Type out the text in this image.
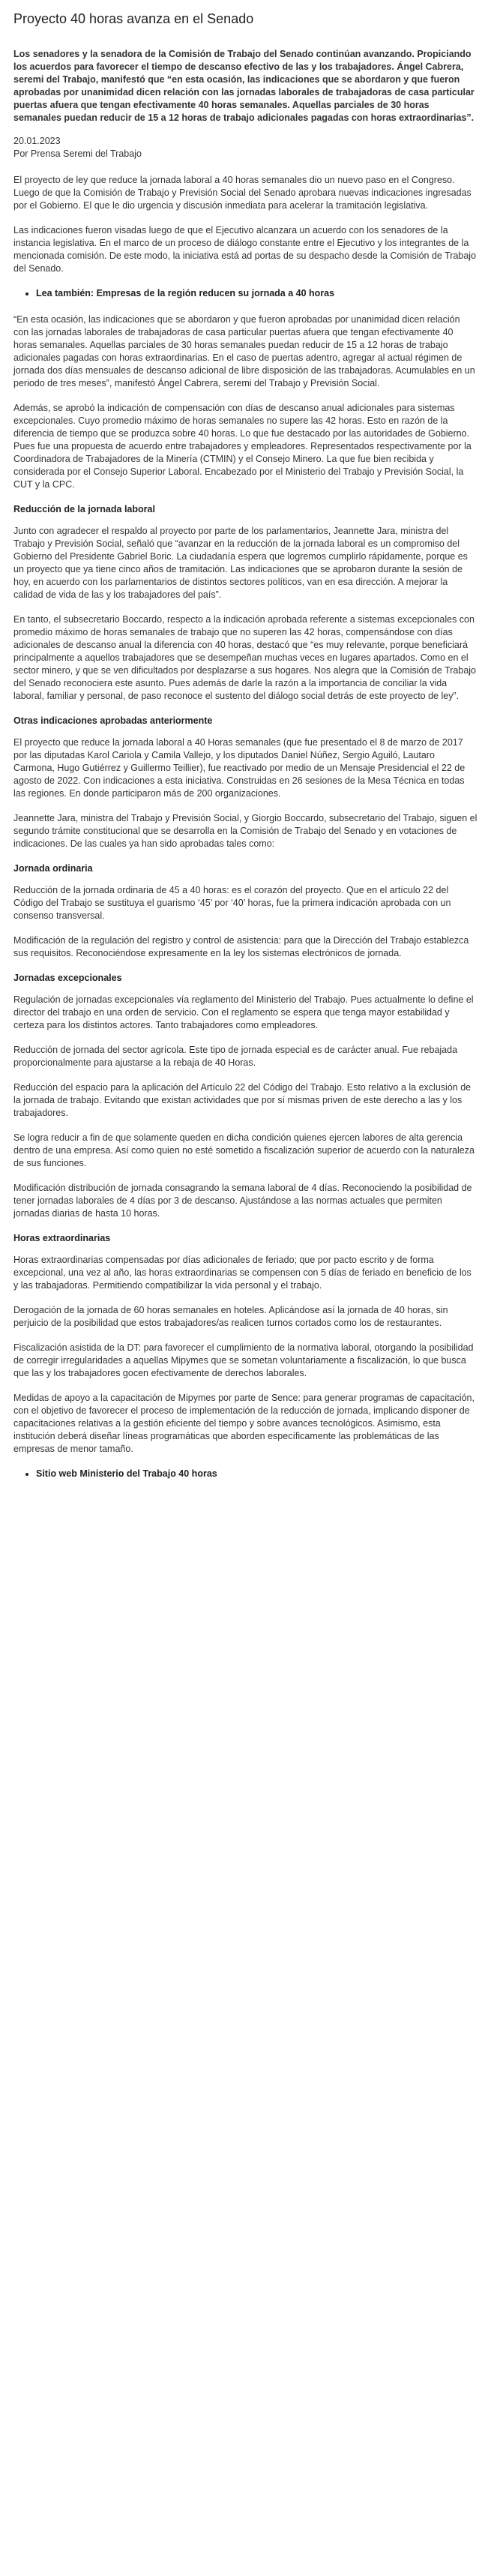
Proyecto 40 horas avanza en el Senado

Los senadores y la senadora de la Comisión de Trabajo del Senado continúan avanzando. Propiciando los acuerdos para favorecer el tiempo de descanso efectivo de las y los trabajadores. Ángel Cabrera, seremi del Trabajo, manifestó que “en esta ocasión, las indicaciones que se abordaron y que fueron aprobadas por unanimidad dicen relación con las jornadas laborales de trabajadoras de casa particular puertas afuera que tengan efectivamente 40 horas semanales. Aquellas parciales de 30 horas semanales puedan reducir de 15 a 12 horas de trabajo adicionales pagadas con horas extraordinarias”.

20.01.2023
Por Prensa Seremi del Trabajo

El proyecto de ley que reduce la jornada laboral a 40 horas semanales dio un nuevo paso en el Congreso. Luego de que la Comisión de Trabajo y Previsión Social del Senado aprobara nuevas indicaciones ingresadas por el Gobierno. El que le dio urgencia y discusión inmediata para acelerar la tramitación legislativa.

Las indicaciones fueron visadas luego de que el Ejecutivo alcanzara un acuerdo con los senadores de la instancia legislativa. En el marco de un proceso de diálogo constante entre el Ejecutivo y los integrantes de la mencionada comisión. De este modo, la iniciativa está ad portas de su despacho desde la Comisión de Trabajo del Senado.

• Lea también: Empresas de la región reducen su jornada a 40 horas

“En esta ocasión, las indicaciones que se abordaron y que fueron aprobadas por unanimidad dicen relación con las jornadas laborales de trabajadoras de casa particular puertas afuera que tengan efectivamente 40 horas semanales. Aquellas parciales de 30 horas semanales puedan reducir de 15 a 12 horas de trabajo adicionales pagadas con horas extraordinarias. En el caso de puertas adentro, agregar al actual régimen de jornada dos días mensuales de descanso adicional de libre disposición de las trabajadoras. Acumulables en un periodo de tres meses”, manifestó Ángel Cabrera, seremi del Trabajo y Previsión Social.

Además, se aprobó la indicación de compensación con días de descanso anual adicionales para sistemas excepcionales. Cuyo promedio máximo de horas semanales no supere las 42 horas. Esto en razón de la diferencia de tiempo que se produzca sobre 40 horas. Lo que fue destacado por las autoridades de Gobierno. Pues fue una propuesta de acuerdo entre trabajadores y empleadores. Representados respectivamente por la Coordinadora de Trabajadores de la Minería (CTMIN) y el Consejo Minero. La que fue bien recibida y considerada por el Consejo Superior Laboral. Encabezado por el Ministerio del Trabajo y Previsión Social, la CUT y la CPC.

Reducción de la jornada laboral

Junto con agradecer el respaldo al proyecto por parte de los parlamentarios, Jeannette Jara, ministra del Trabajo y Previsión Social, señaló que “avanzar en la reducción de la jornada laboral es un compromiso del Gobierno del Presidente Gabriel Boric. La ciudadanía espera que logremos cumplirlo rápidamente, porque es un proyecto que ya tiene cinco años de tramitación. Las indicaciones que se aprobaron durante la sesión de hoy, en acuerdo con los parlamentarios de distintos sectores políticos, van en esa dirección. A mejorar la calidad de vida de las y los trabajadores del país”.

En tanto, el subsecretario Boccardo, respecto a la indicación aprobada referente a sistemas excepcionales con promedio máximo de horas semanales de trabajo que no superen las 42 horas, compensándose con días adicionales de descanso anual la diferencia con 40 horas, destacó que “es muy relevante, porque beneficiará principalmente a aquellos trabajadores que se desempeñan muchas veces en lugares apartados. Como en el sector minero, y que se ven dificultados por desplazarse a sus hogares. Nos alegra que la Comisión de Trabajo del Senado reconociera este asunto. Pues además de darle la razón a la importancia de conciliar la vida laboral, familiar y personal, de paso reconoce el sustento del diálogo social detrás de este proyecto de ley”.

Otras indicaciones aprobadas anteriormente

El proyecto que reduce la jornada laboral a 40 Horas semanales (que fue presentado el 8 de marzo de 2017 por las diputadas Karol Cariola y Camila Vallejo, y los diputados Daniel Núñez, Sergio Aguiló, Lautaro Carmona, Hugo Gutiérrez y Guillermo Teillier), fue reactivado por medio de un Mensaje Presidencial el 22 de agosto de 2022. Con indicaciones a esta iniciativa. Construidas en 26 sesiones de la Mesa Técnica en todas las regiones. En donde participaron más de 200 organizaciones.

Jeannette Jara, ministra del Trabajo y Previsión Social, y Giorgio Boccardo, subsecretario del Trabajo, siguen el segundo trámite constitucional que se desarrolla en la Comisión de Trabajo del Senado y en votaciones de indicaciones. De las cuales ya han sido aprobadas tales como:

Jornada ordinaria

Reducción de la jornada ordinaria de 45 a 40 horas: es el corazón del proyecto. Que en el artículo 22 del Código del Trabajo se sustituya el guarismo ‘45’ por ‘40’ horas, fue la primera indicación aprobada con un consenso transversal.

Modificación de la regulación del registro y control de asistencia: para que la Dirección del Trabajo establezca sus requisitos. Reconociéndose expresamente en la ley los sistemas electrónicos de jornada.

Jornadas excepcionales

Regulación de jornadas excepcionales vía reglamento del Ministerio del Trabajo. Pues actualmente lo define el director del trabajo en una orden de servicio. Con el reglamento se espera que tenga mayor estabilidad y certeza para los distintos actores. Tanto trabajadores como empleadores.

Reducción de jornada del sector agrícola. Este tipo de jornada especial es de carácter anual. Fue rebajada proporcionalmente para ajustarse a la rebaja de 40 Horas.

Reducción del espacio para la aplicación del Artículo 22 del Código del Trabajo. Esto relativo a la exclusión de la jornada de trabajo. Evitando que existan actividades que por sí mismas priven de este derecho a las y los trabajadores.

Se logra reducir a fin de que solamente queden en dicha condición quienes ejercen labores de alta gerencia dentro de una empresa. Así como quien no esté sometido a fiscalización superior de acuerdo con la naturaleza de sus funciones.

Modificación distribución de jornada consagrando la semana laboral de 4 días. Reconociendo la posibilidad de tener jornadas laborales de 4 días por 3 de descanso. Ajustándose a las normas actuales que permiten jornadas diarias de hasta 10 horas.

Horas extraordinarias

Horas extraordinarias compensadas por días adicionales de feriado; que por pacto escrito y de forma excepcional, una vez al año, las horas extraordinarias se compensen con 5 días de feriado en beneficio de los y las trabajadoras. Permitiendo compatibilizar la vida personal y el trabajo.

Derogación de la jornada de 60 horas semanales en hoteles. Aplicándose así la jornada de 40 horas, sin perjuicio de la posibilidad que estos trabajadores/as realicen turnos cortados como los de restaurantes.

Fiscalización asistida de la DT: para favorecer el cumplimiento de la normativa laboral, otorgando la posibilidad de corregir irregularidades a aquellas Mipymes que se sometan voluntariamente a fiscalización, lo que busca que las y los trabajadores gocen efectivamente de derechos laborales.

Medidas de apoyo a la capacitación de Mipymes por parte de Sence: para generar programas de capacitación, con el objetivo de favorecer el proceso de implementación de la reducción de jornada, implicando disponer de capacitaciones relativas a la gestión eficiente del tiempo y sobre avances tecnológicos. Asimismo, esta institución deberá diseñar líneas programáticas que aborden específicamente las problemáticas de las empresas de menor tamaño.

• Sitio web Ministerio del Trabajo 40 horas
